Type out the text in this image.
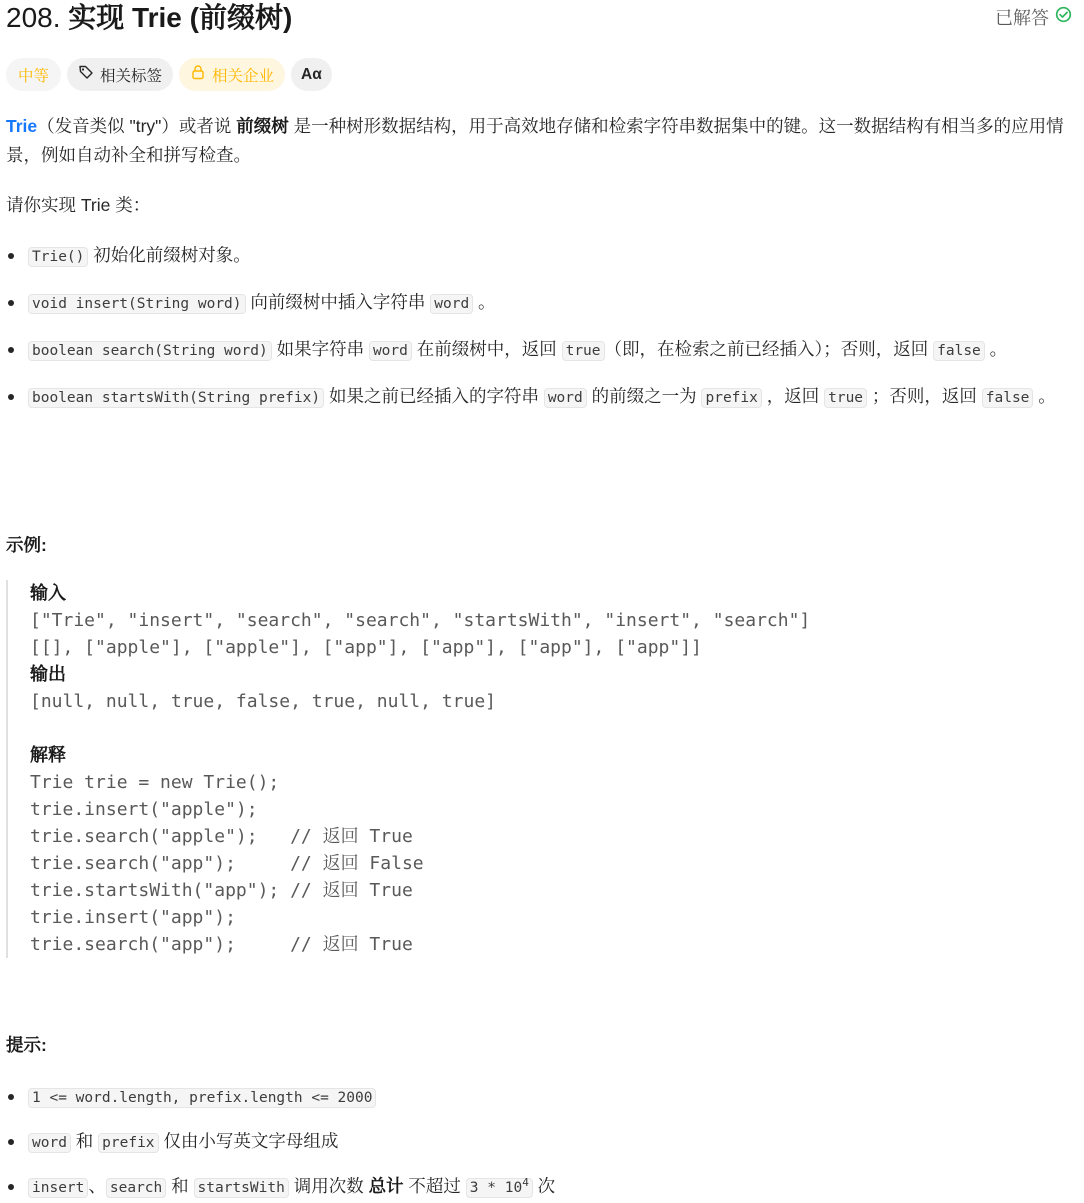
208. 实现 Trie (前缀树)	已解答
中等	相关标签	相关企业 Aα

Trie（发音类似 "try"）或者说 前缀树 是一种树形数据结构，用于高效地存储和检索字符串数据集中的键。这一数据结构有相当多的应用情景，例如自动补全和拼写检查。

请你实现 Trie 类：

Trie() 初始化前缀树对象。
void insert(String word) 向前缀树中插入字符串 word 。
boolean search(String word) 如果字符串 word 在前缀树中，返回 true （即，在检索之前已经插入）；否则，返回 false 。
boolean startsWith(String prefix) 如果之前已经插入的字符串 word 的前缀之一为 prefix ，返回 true ；否则，返回 false 。
示例:
输入
["Trie", "insert", "search", "search", "startsWith", "insert", "search"]
[[], ["apple"], ["apple"], ["app"], ["app"], ["app"], ["app"]]
输出
[null, null, true, false, true, null, true]
解释
Trie trie = new Trie();
trie.insert("apple");
trie.search("apple");   // 返回 True
trie.search("app");     // 返回 False
trie.startsWith("app"); // 返回 True
trie.insert("app");
trie.search("app");     // 返回 True
提示:
1 <= word.length, prefix.length <= 2000
word 和 prefix 仅由小写英文字母组成
insert 、 search 和 startsWith 调用次数 总计 不超过 $3 * 10^4$ 次
